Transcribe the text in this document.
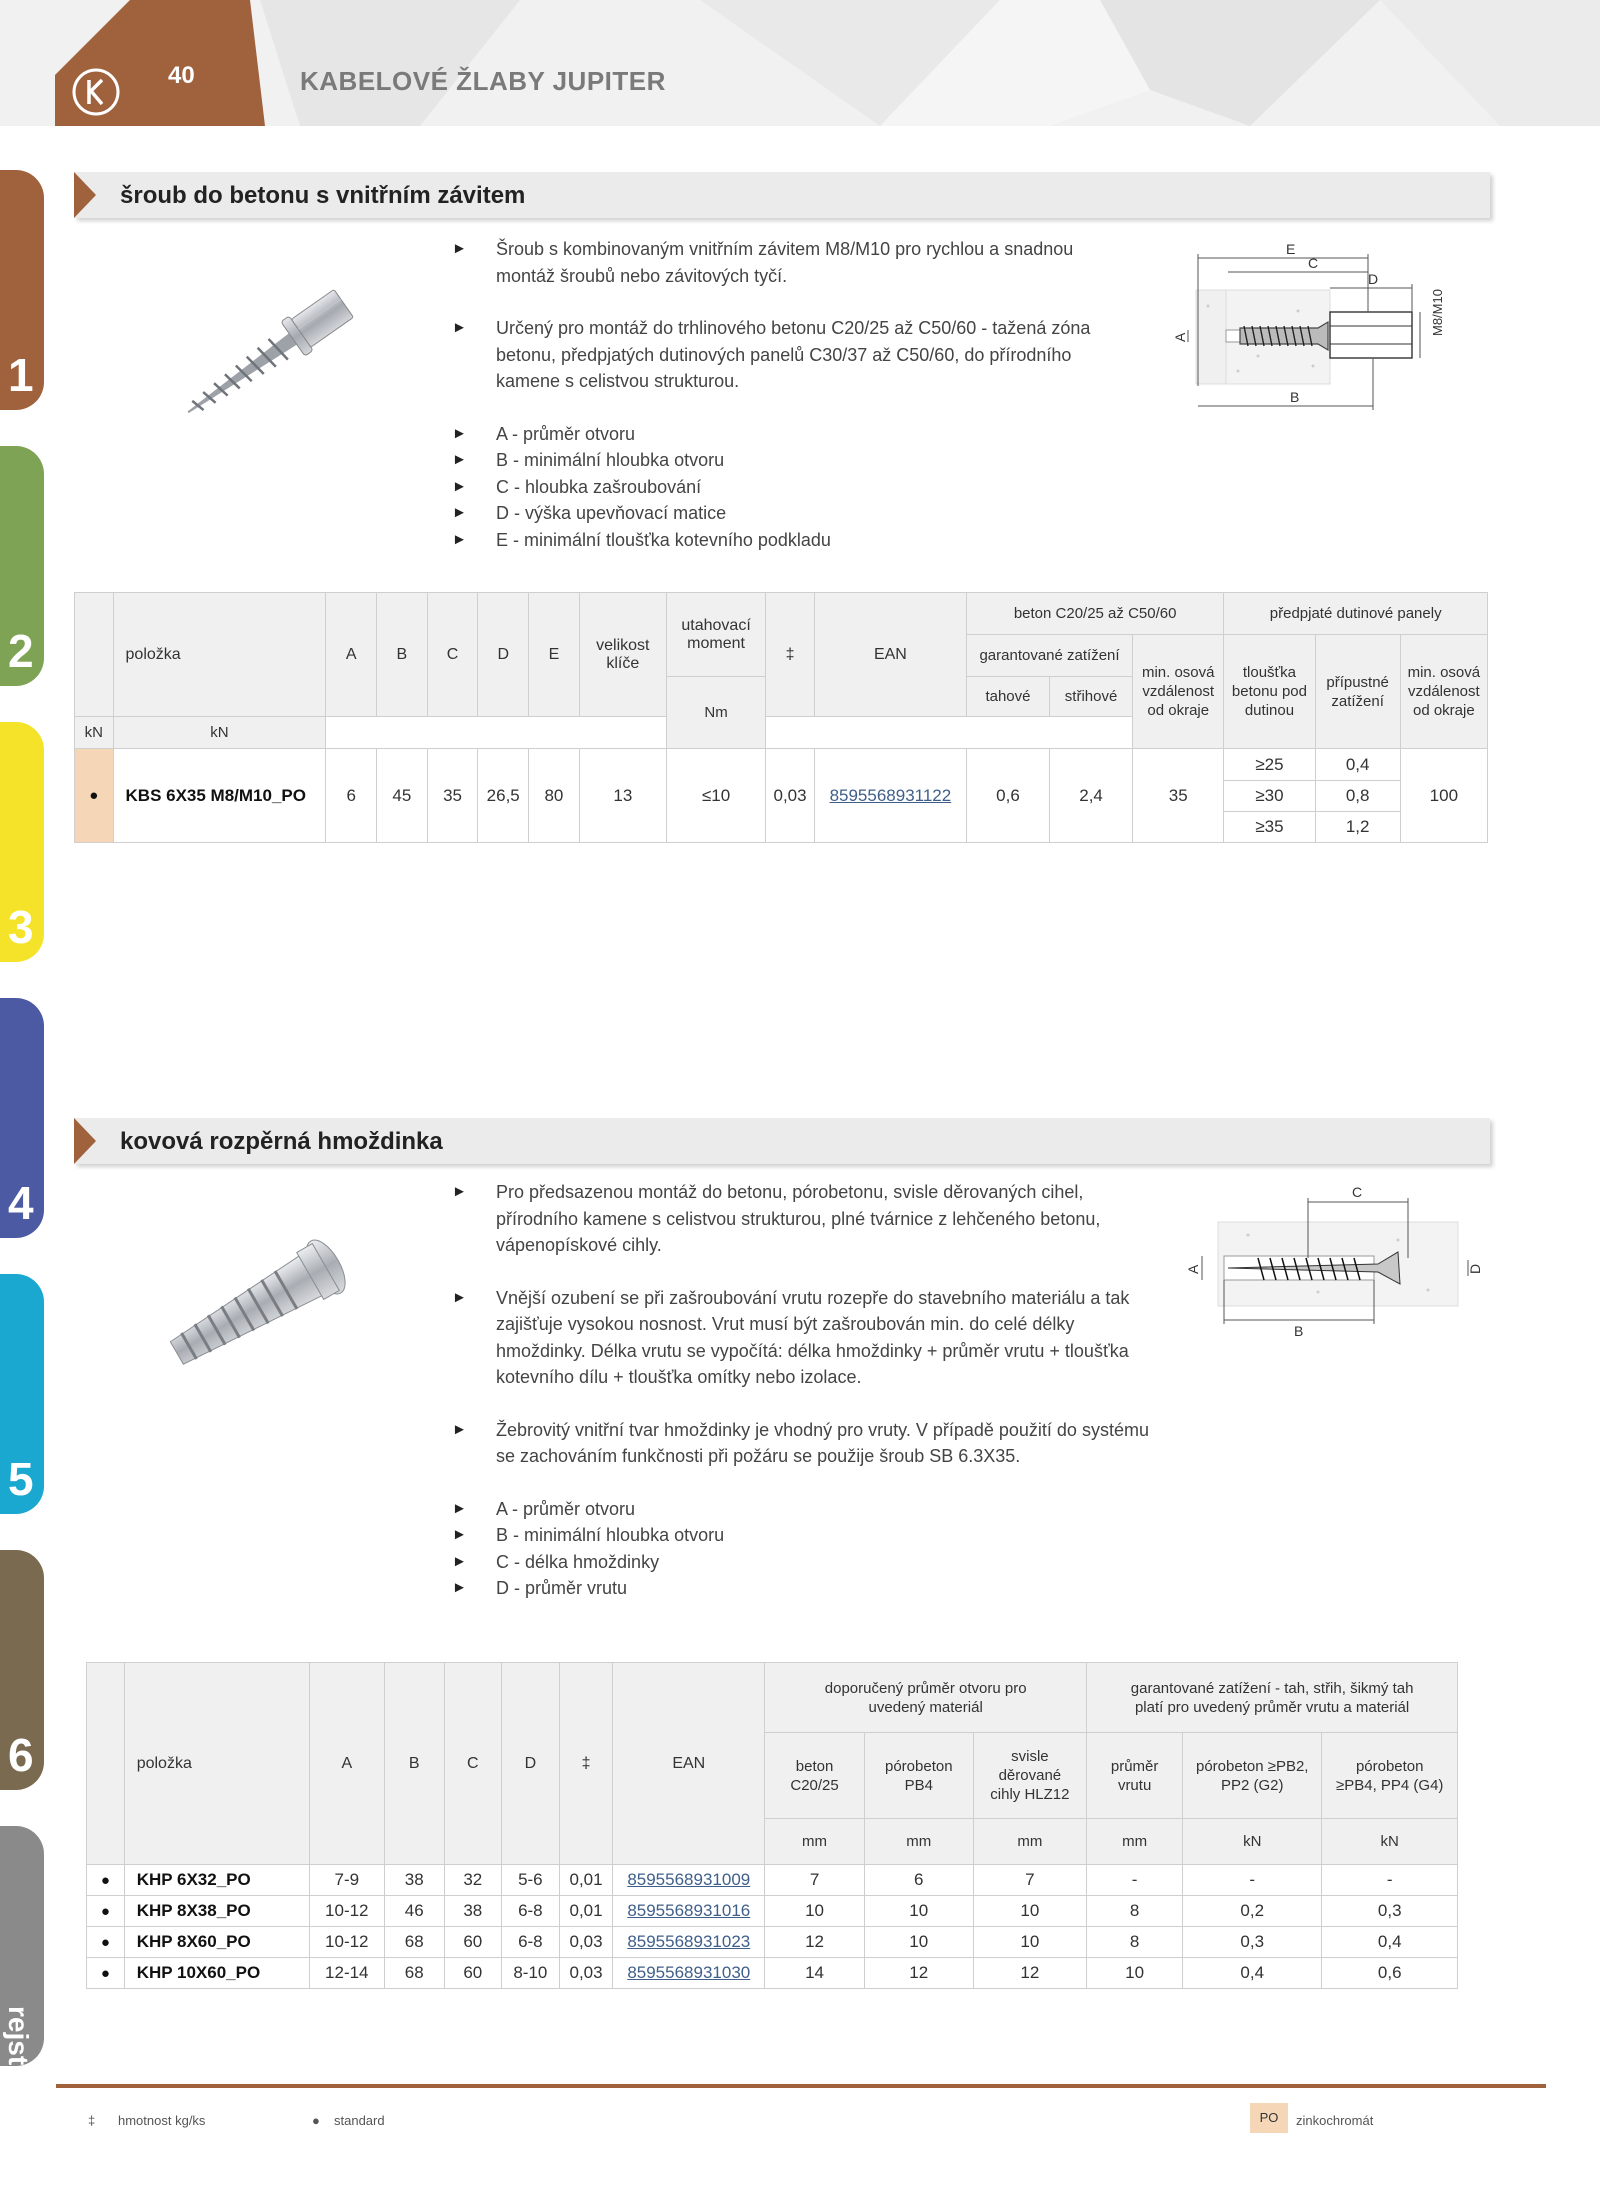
40	KABELOVÉ ŽLABY JUPITER
1
2
3
4
5
6
rejstřík
šroub do betonu s vnitřním závitem
► Šroub s kombinovaným vnitřním závitem M8/M10 pro rychlou a snadnou montáž šroubů nebo závitových tyčí.
► Určený pro montáž do trhlinového betonu C20/25 až C50/60 - tažená zóna betonu, předpjatých dutinových panelů C30/37 až C50/60, do přírodního kamene s celistvou strukturou.
► A - průměr otvoru
► B - minimální hloubka otvoru
► C - hloubka zašroubování
► D - výška upevňovací matice
► E - minimální tloušťka kotevního podkladu
E
C
D
B
A
M8/M10
	položka	A	B	C	D	E	velikost klíče	utahovací moment	‡	EAN	beton C20/25 až C50/60			předpjaté dutinové panely		
											garantované zatížení		min. osová vzdálenost od okraje	tloušťka betonu pod dutinou	přípustné zatížení	min. osová vzdálenost od okraje
								Nm			tahové	střihové				
kN	kN															
●	KBS 6X35 M8/M10_PO	6	45	35	26,5	80	13	≤10	0,03	8595568931122	0,6	2,4	35	≥25	0,4	100
														≥30	0,8	
														≥35	1,2	
kovová rozpěrná hmoždinka
► Pro předsazenou montáž do betonu, pórobetonu, svisle děrovaných cihel, přírodního kamene s celistvou strukturou, plné tvárnice z lehčeného betonu, vápenopískové cihly.
► Vnější ozubení se při zašroubování vrutu rozepře do stavebního materiálu a tak zajišťuje vysokou nosnost. Vrut musí být zašroubován min. do celé délky hmoždinky. Délka vrutu se vypočítá: délka hmoždinky + průměr vrutu + tloušťka kotevního dílu + tloušťka omítky nebo izolace.
► Žebrovitý vnitřní tvar hmoždinky je vhodný pro vruty. V případě použití do systému se zachováním funkčnosti při požáru se použije šroub SB 6.3X35.
► A - průměr otvoru
► B - minimální hloubka otvoru
► C - délka hmoždinky
► D - průměr vrutu
C
B
A	D
	položka	A	B	C	D	‡	EAN	doporučený průměr otvoru pro uvedený materiál			garantované zatížení - tah, střih, šikmý tah platí pro uvedený průměr vrutu a materiál		
								beton C20/25	pórobeton PB4	svisle děrované cihly HLZ12	průměr vrutu	pórobeton ≥PB2, PP2 (G2)	pórobeton ≥PB4, PP4 (G4)
								mm	mm	mm	mm	kN	kN
●	KHP 6X32_PO	7-9	38	32	5-6	0,01	8595568931009	7	6	7	-	-	-
●	KHP 8X38_PO	10-12	46	38	6-8	0,01	8595568931016	10	10	10	8	0,2	0,3
●	KHP 8X60_PO	10-12	68	60	6-8	0,03	8595568931023	12	10	10	8	0,3	0,4
●	KHP 10X60_PO	12-14	68	60	8-10	0,03	8595568931030	14	12	12	10	0,4	0,6
‡ hmotnost kg/ks	● standard	PO	zinkochromát
